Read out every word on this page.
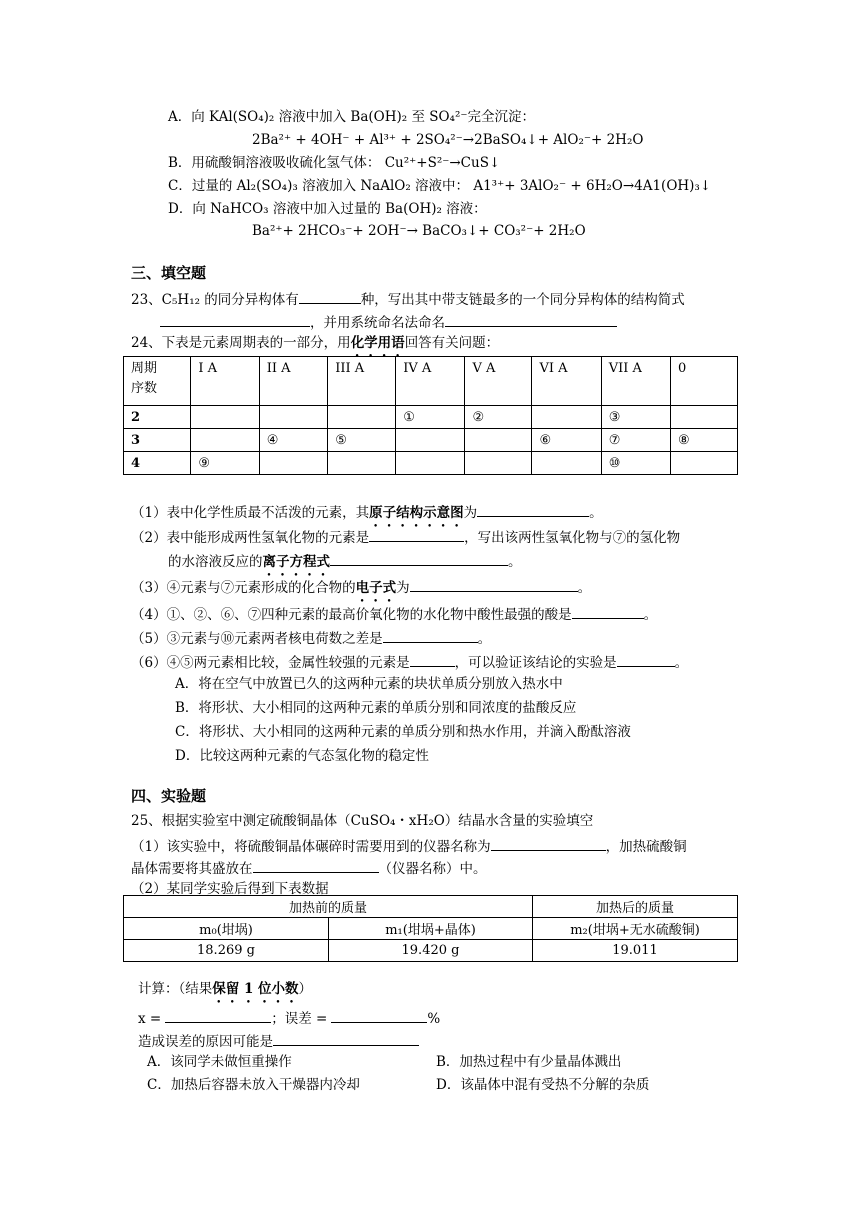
A．向 KAl(SO₄)₂ 溶液中加入 Ba(OH)₂ 至 SO₄²⁻完全沉淀：
2Ba²⁺ + 4OH⁻ + Al³⁺ + 2SO₄²⁻→2BaSO₄↓+ AlO₂⁻+ 2H₂O
B．用硫酸铜溶液吸收硫化氢气体： Cu²⁺+S²⁻→CuS↓
C．过量的 Al₂(SO₄)₃ 溶液加入 NaAlO₂ 溶液中： A1³⁺+ 3AlO₂⁻ + 6H₂O→4A1(OH)₃↓
D．向 NaHCO₃ 溶液中加入过量的 Ba(OH)₂ 溶液：
Ba²⁺+ 2HCO₃⁻+ 2OH⁻→ BaCO₃↓+ CO₃²⁻+ 2H₂O
三、填空题
23、C₅H₁₂ 的同分异构体有	种，写出其中带支链最多的一个同分异构体的结构简式
，并用系统命名法命名
24、下表是元素周期表的一部分，用化学用语回答有关问题：
周期
序数	I A	II A	III A	IV A	V A	VI A	VII A	0
2				①	②		③	
3		④	⑤			⑥	⑦	⑧
4	⑨						⑩	
（1）表中化学性质最不活泼的元素，其原子结构示意图为	。
（2）表中能形成两性氢氧化物的元素是	，写出该两性氢氧化物与⑦的氢化物
的水溶液反应的离子方程式	。
（3）④元素与⑦元素形成的化合物的电子式为	。
（4）①、②、⑥、⑦四种元素的最高价氧化物的水化物中酸性最强的酸是	。
（5）③元素与⑩元素两者核电荷数之差是	。
（6）④⑤两元素相比较，金属性较强的元素是	，可以验证该结论的实验是	。
A．将在空气中放置已久的这两种元素的块状单质分别放入热水中
B．将形状、大小相同的这两种元素的单质分别和同浓度的盐酸反应
C．将形状、大小相同的这两种元素的单质分别和热水作用，并滴入酚酞溶液
D．比较这两种元素的气态氢化物的稳定性
四、实验题
25、根据实验室中测定硫酸铜晶体（CuSO₄・xH₂O）结晶水含量的实验填空
（1）该实验中，将硫酸铜晶体碾碎时需要用到的仪器名称为	，加热硫酸铜
晶体需要将其盛放在	（仪器名称）中。
（2）某同学实验后得到下表数据
加热前的质量		加热后的质量
m₀(坩埚)	m₁(坩埚+晶体)	m₂(坩埚+无水硫酸铜)
18.269 g	19.420 g	19.011
计算：（结果保留 1 位小数）
x =	；误差 =	%
造成误差的原因可能是
A．该同学未做恒重操作	B．加热过程中有少量晶体溅出
C．加热后容器未放入干燥器内冷却	D．该晶体中混有受热不分解的杂质
